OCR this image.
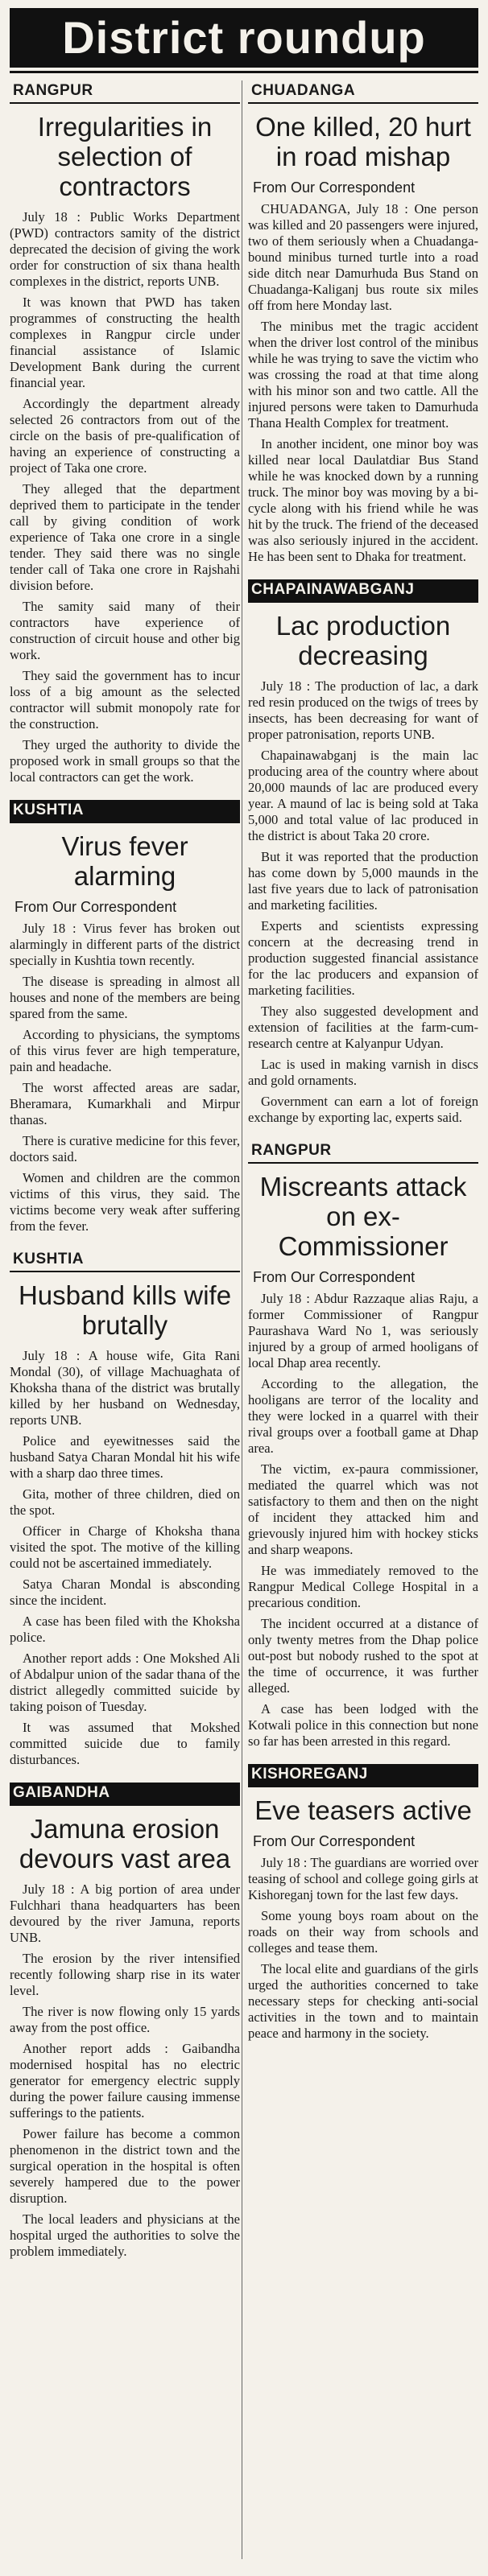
District roundup
RANGPUR
Irregularities in selection of contractors

July 18 : Public Works Department (PWD) contractors samity of the district deprecated the decision of giving the work order for construction of six thana health complexes in the district, reports UNB.

It was known that PWD has taken programmes of constructing the health complexes in Rangpur circle under financial assistance of Islamic Development Bank during the current financial year.

Accordingly the department already selected 26 contractors from out of the circle on the basis of pre-qualification of having an experience of constructing a project of Taka one crore.

They alleged that the department deprived them to participate in the tender call by giving condition of work experience of Taka one crore in a single tender. They said there was no single tender call of Taka one crore in Rajshahi division before.

The samity said many of their contractors have experience of construction of circuit house and other big work.

They said the government has to incur loss of a big amount as the selected contractor will submit monopoly rate for the construction.

They urged the authority to divide the proposed work in small groups so that the local contractors can get the work.

KUSHTIA
Virus fever alarming
From Our Correspondent

July 18 : Virus fever has broken out alarmingly in different parts of the district specially in Kushtia town recently.

The disease is spreading in almost all houses and none of the members are being spared from the same.

According to physicians, the symptoms of this virus fever are high temperature, pain and headache.

The worst affected areas are sadar, Bheramara, Kumarkhali and Mirpur thanas.

There is curative medicine for this fever, doctors said.

Women and children are the common victims of this virus, they said. The victims become very weak after suffering from the fever.

KUSHTIA
Husband kills wife brutally

July 18 : A house wife, Gita Rani Mondal (30), of village Machuaghata of Khoksha thana of the district was brutally killed by her husband on Wednesday, reports UNB.

Police and eyewitnesses said the husband Satya Charan Mondal hit his wife with a sharp dao three times.

Gita, mother of three children, died on the spot.

Officer in Charge of Khoksha thana visited the spot. The motive of the killing could not be ascertained immediately.

Satya Charan Mondal is absconding since the incident.

A case has been filed with the Khoksha police.

Another report adds : One Mokshed Ali of Abdalpur union of the sadar thana of the district allegedly committed suicide by taking poison of Tuesday.

It was assumed that Mokshed committed suicide due to family disturbances.

GAIBANDHA
Jamuna erosion devours vast area

July 18 : A big portion of area under Fulchhari thana headquarters has been devoured by the river Jamuna, reports UNB.

The erosion by the river intensified recently following sharp rise in its water level.

The river is now flowing only 15 yards away from the post office.

Another report adds : Gaibandha modernised hospital has no electric generator for emergency electric supply during the power failure causing immense sufferings to the patients.

Power failure has become a common phenomenon in the district town and the surgical operation in the hospital is often severely hampered due to the power disruption.

The local leaders and physicians at the hospital urged the authorities to solve the problem immediately.

CHUADANGA
One killed, 20 hurt in road mishap
From Our Correspondent

CHUADANGA, July 18 : One person was killed and 20 passengers were injured, two of them seriously when a Chuadanga-bound minibus turned turtle into a road side ditch near Damurhuda Bus Stand on Chuadanga-Kaliganj bus route six miles off from here Monday last.

The minibus met the tragic accident when the driver lost control of the minibus while he was trying to save the victim who was crossing the road at that time along with his minor son and two cattle. All the injured persons were taken to Damurhuda Thana Health Complex for treatment.

In another incident, one minor boy was killed near local Daulatdiar Bus Stand while he was knocked down by a running truck. The minor boy was moving by a bi-cycle along with his friend while he was hit by the truck. The friend of the deceased was also seriously injured in the accident. He has been sent to Dhaka for treatment.

CHAPAINAWABGANJ
Lac production decreasing

July 18 : The production of lac, a dark red resin produced on the twigs of trees by insects, has been decreasing for want of proper patronisation, reports UNB.

Chapainawabganj is the main lac producing area of the country where about 20,000 maunds of lac are produced every year. A maund of lac is being sold at Taka 5,000 and total value of lac produced in the district is about Taka 20 crore.

But it was reported that the production has come down by 5,000 maunds in the last five years due to lack of patronisation and marketing facilities.

Experts and scientists expressing concern at the decreasing trend in production suggested financial assistance for the lac producers and expansion of marketing facilities.

They also suggested development and extension of facilities at the farm-cum-research centre at Kalyanpur Udyan.

Lac is used in making varnish in discs and gold ornaments.

Government can earn a lot of foreign exchange by exporting lac, experts said.

RANGPUR
Miscreants attack on ex-Commissioner
From Our Correspondent

July 18 : Abdur Razzaque alias Raju, a former Commissioner of Rangpur Paurashava Ward No 1, was seriously injured by a group of armed hooligans of local Dhap area recently.

According to the allegation, the hooligans are terror of the locality and they were locked in a quarrel with their rival groups over a football game at Dhap area.

The victim, ex-paura commissioner, mediated the quarrel which was not satisfactory to them and then on the night of incident they attacked him and grievously injured him with hockey sticks and sharp weapons.

He was immediately removed to the Rangpur Medical College Hospital in a precarious condition.

The incident occurred at a distance of only twenty metres from the Dhap police out-post but nobody rushed to the spot at the time of occurrence, it was further alleged.

A case has been lodged with the Kotwali police in this connection but none so far has been arrested in this regard.

KISHOREGANJ
Eve teasers active
From Our Correspondent

July 18 : The guardians are worried over teasing of school and college going girls at Kishoreganj town for the last few days.

Some young boys roam about on the roads on their way from schools and colleges and tease them.

The local elite and guardians of the girls urged the authorities concerned to take necessary steps for checking anti-social activities in the town and to maintain peace and harmony in the society.
